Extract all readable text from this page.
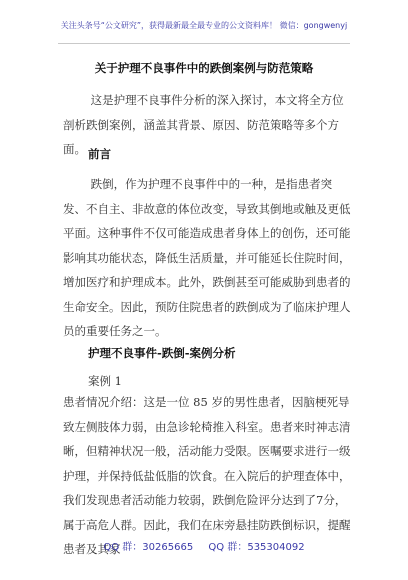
关注头条号“公文研究”，获得最新最全最专业的公文资料库！ 微信：gongwenyj
关于护理不良事件中的跌倒案例与防范策略

这是护理不良事件分析的深入探讨，本文将全方位剖析跌倒案例，涵盖其背景、原因、防范策略等多个方面。 前言

跌倒，作为护理不良事件中的一种，是指患者突发、不自主、非故意的体位改变，导致其倒地或触及更低平面。这种事件不仅可能造成患者身体上的创伤，还可能影响其功能状态，降低生活质量，并可能延长住院时间，增加医疗和护理成本。此外，跌倒甚至可能威胁到患者的生命安全。因此，预防住院患者的跌倒成为了临床护理人员的重要任务之一。

护理不良事件-跌倒-案例分析
案例 1

患者情况介绍：这是一位 85 岁的男性患者，因脑梗死导致左侧肢体力弱，由急诊轮椅推入科室。患者来时神志清晰，但精神状况一般，活动能力受限。医嘱要求进行一级护理，并保持低盐低脂的饮食。在入院后的护理查体中，我们发现患者活动能力较弱，跌倒危险评分达到了7分，属于高危人群。因此，我们在床旁悬挂防跌倒标识，提醒患者及其家

QQ 群：30265665 QQ 群：535304092
